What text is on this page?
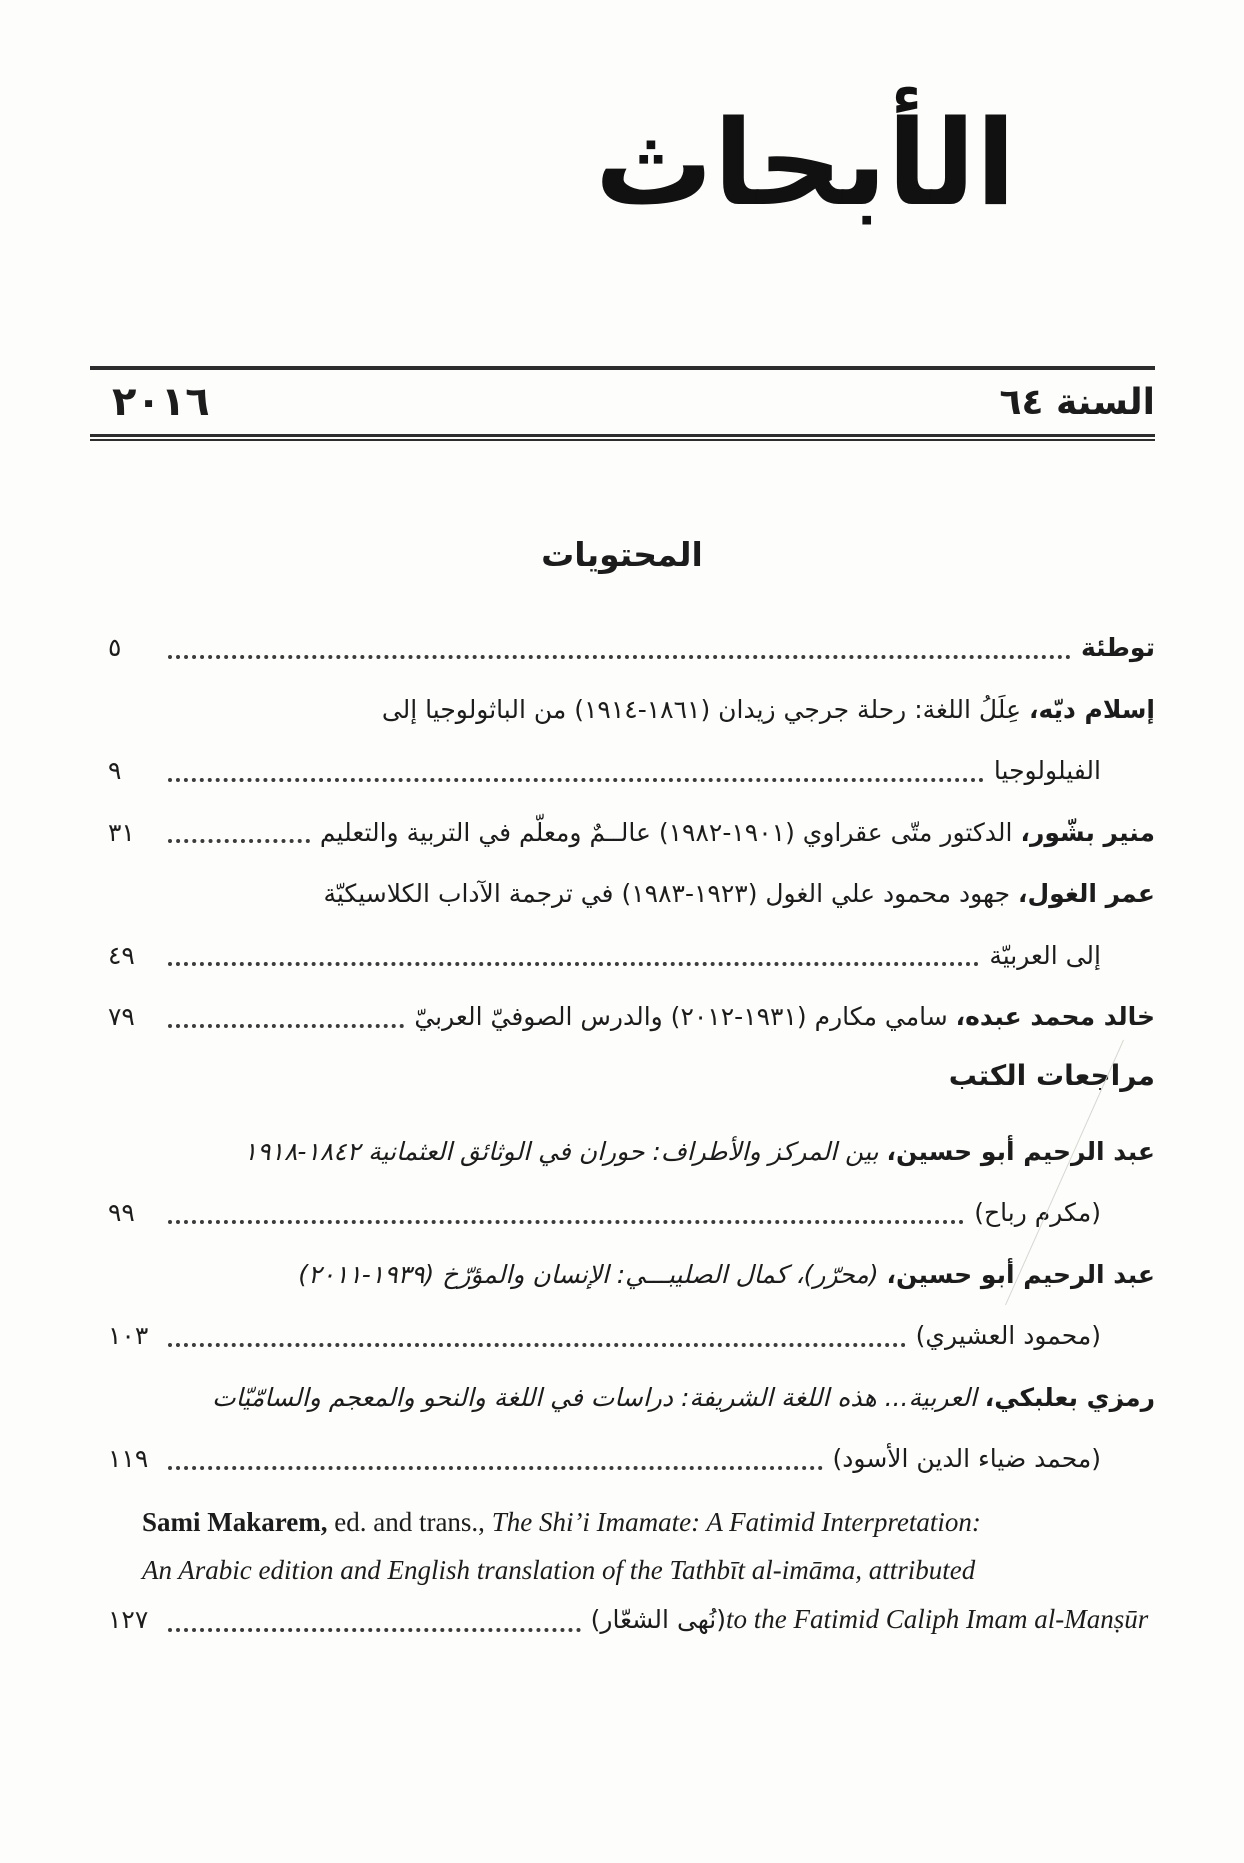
الأبحاث
٢٠١٦	السنة ٦٤
المحتويات
توطئة
٥
إسلام ديّه، عِلَلُ اللغة: رحلة جرجي زيدان (١٨٦١-١٩١٤) من الباثولوجيا إلى
الفيلولوجيا
٩
منير بشّور، الدكتور متّى عقراوي (١٩٠١-١٩٨٢) عالــمٌ ومعلّم في التربية والتعليم
٣١
عمر الغول، جهود محمود علي الغول (١٩٢٣-١٩٨٣) في ترجمة الآداب الكلاسيكيّة
إلى العربيّة
٤٩
خالد محمد عبده، سامي مكارم (١٩٣١-٢٠١٢) والدرس الصوفيّ العربيّ
٧٩
مراجعات الكتب
عبد الرحيم أبو حسين، بين المركز والأطراف: حوران في الوثائق العثمانية ١٨٤٢-١٩١٨
(مكرم رباح)
٩٩
عبد الرحيم أبو حسين، (محرّر)، كمال الصليبـــي: الإنسان والمؤرّخ (١٩٣٩-٢٠١١)
(محمود العشيري)
١٠٣
رمزي بعلبكي، العربية... هذه اللغة الشريفة: دراسات في اللغة والنحو والمعجم والسامّيّات
(محمد ضياء الدين الأسود)
١١٩
Sami Makarem, ed. and trans., The Shi’i Imamate: A Fatimid Interpretation:
An Arabic edition and English translation of the Tathbīt al-imāma, attributed
to the Fatimid Caliph Imam al-Manṣūr (نُهى الشعّار)
١٢٧
